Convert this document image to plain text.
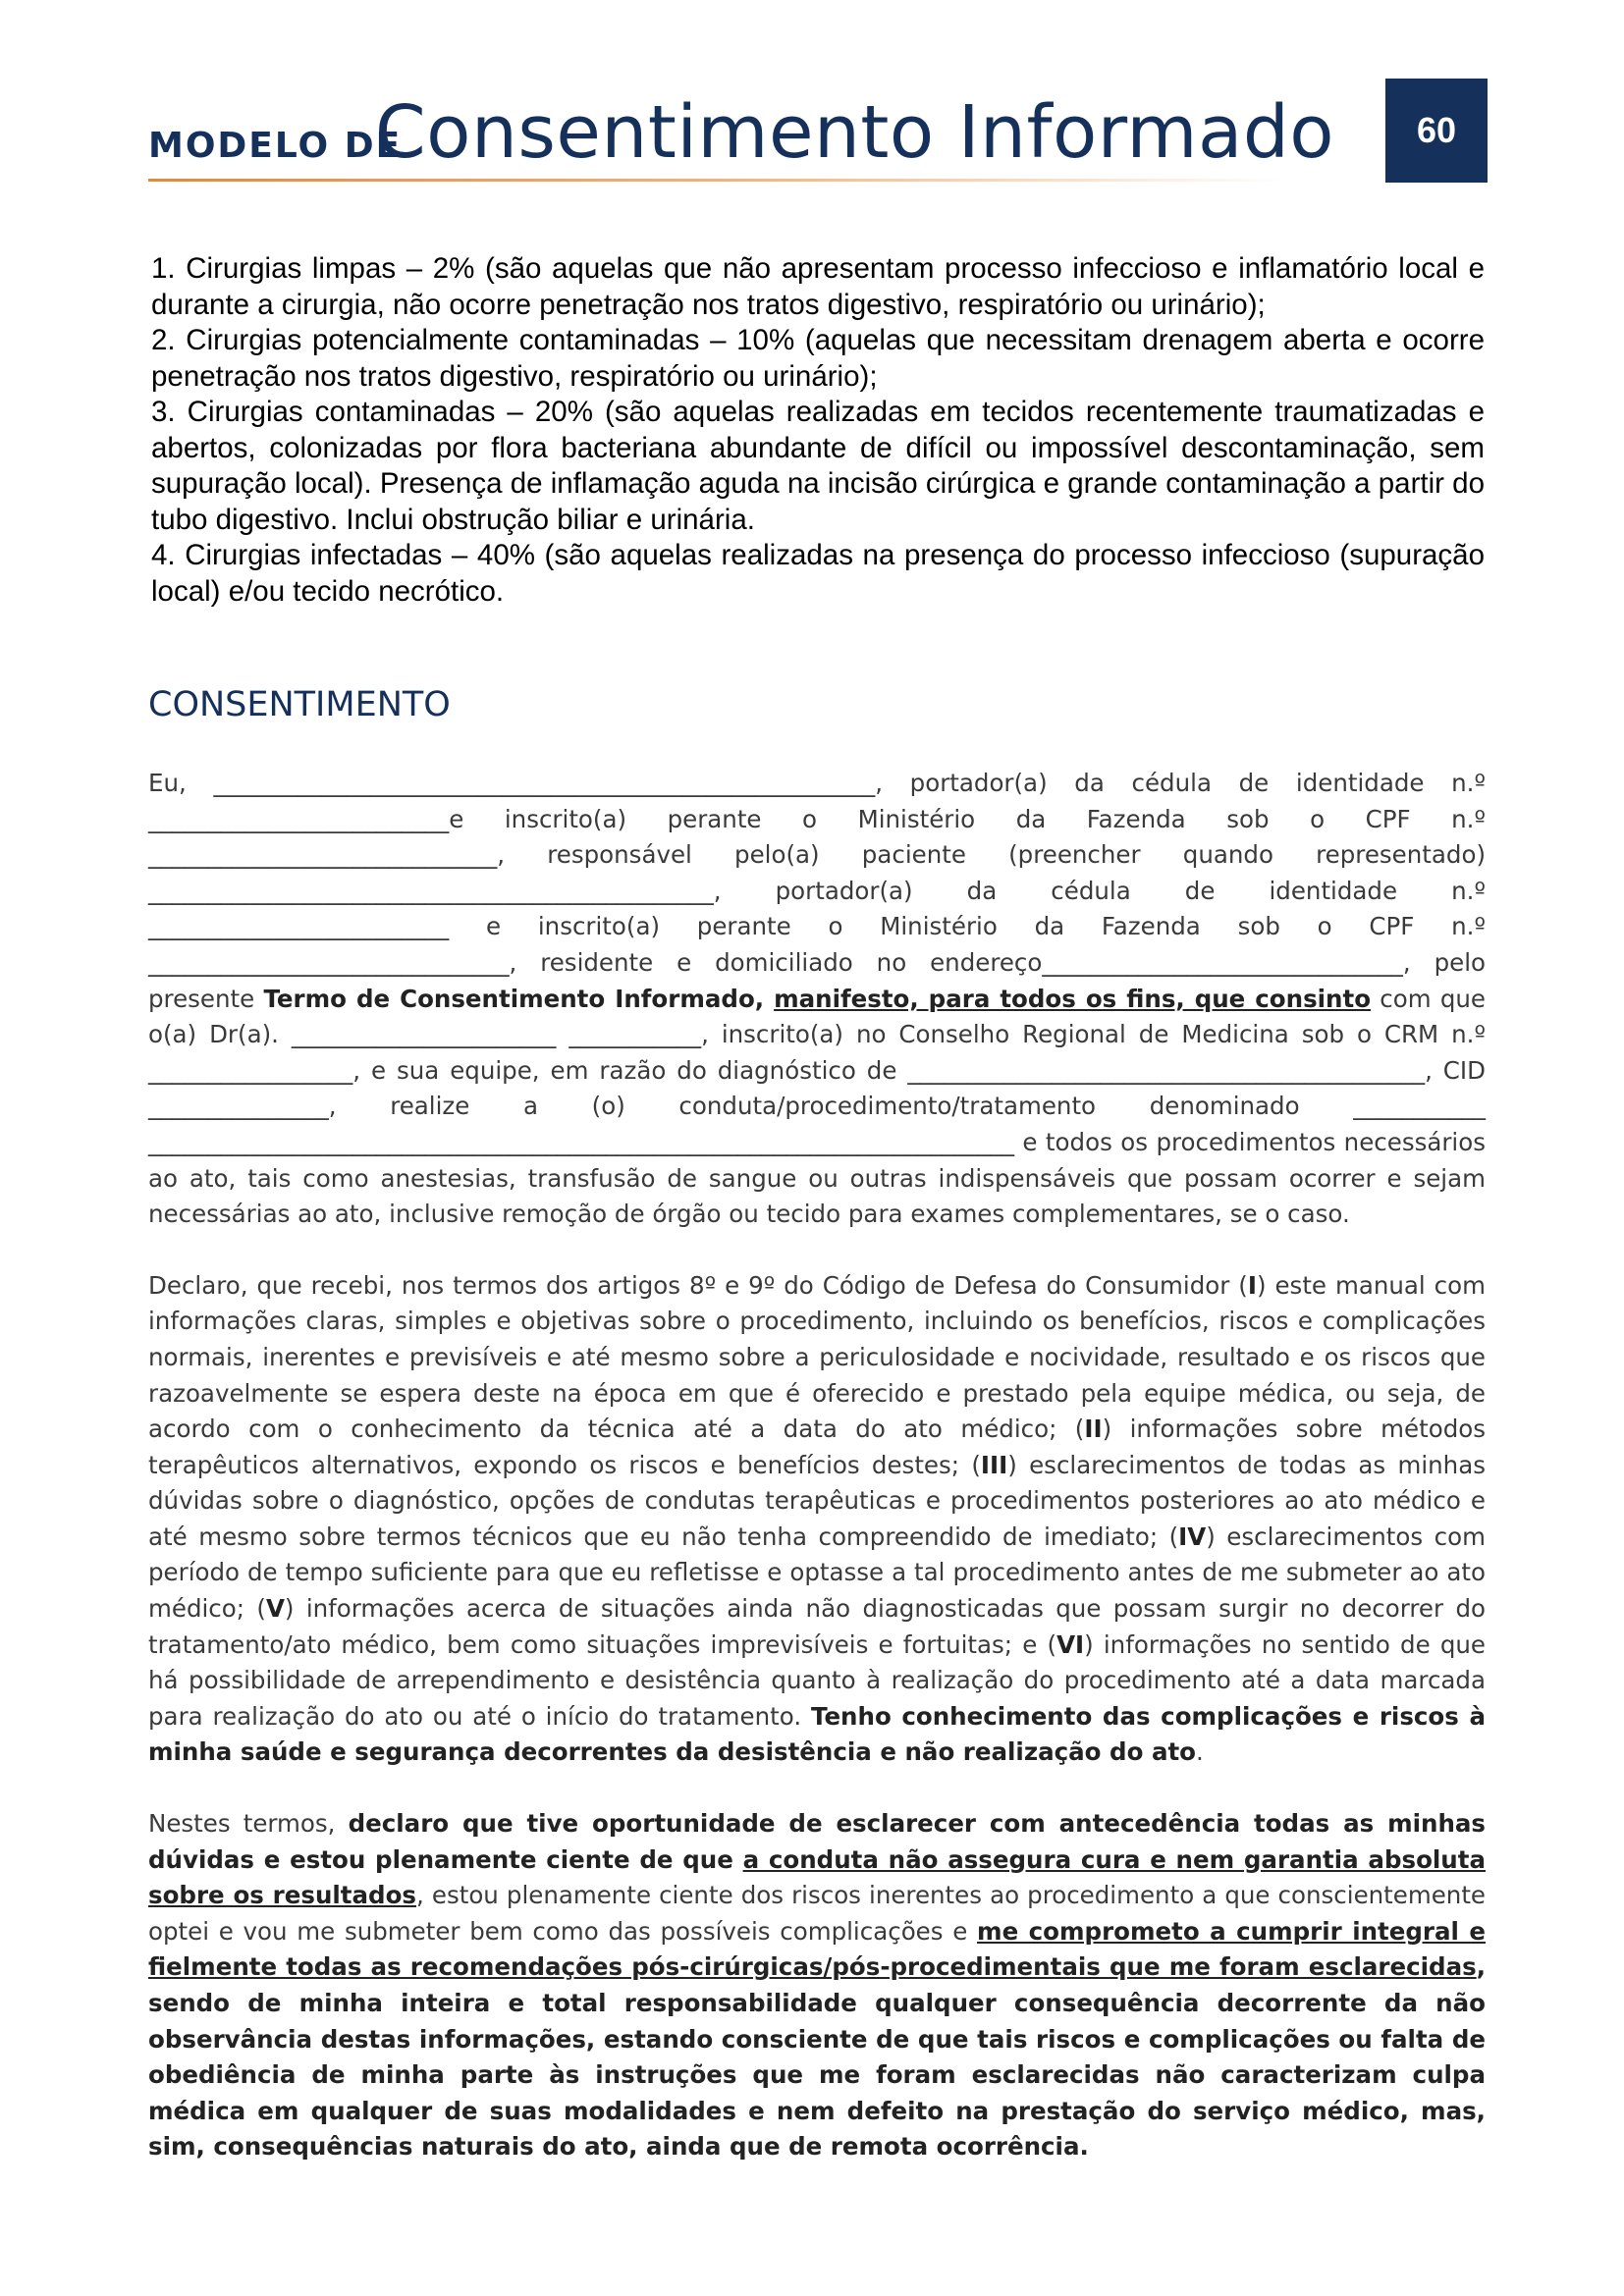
MODELO DE
Consentimento Informado	60

1. Cirurgias limpas – 2% (são aquelas que não apresentam processo infeccioso e inflamatório local e durante a cirurgia, não ocorre penetração nos tratos digestivo, respiratório ou urinário);

2. Cirurgias potencialmente contaminadas – 10% (aquelas que necessitam drenagem aberta e ocorre penetração nos tratos digestivo, respiratório ou urinário);

3. Cirurgias contaminadas – 20% (são aquelas realizadas em tecidos recentemente traumatizadas e abertos, colonizadas por flora bacteriana abundante de difícil ou impossível descontaminação, sem supuração local). Presença de inflamação aguda na incisão cirúrgica e grande contaminação a partir do tubo digestivo. Inclui obstrução biliar e urinária.

4. Cirurgias infectadas – 40% (são aquelas realizadas na presença do processo infeccioso (supuração local) e/ou tecido necrótico.

CONSENTIMENTO

Eu, _______________________________________________________, portador(a) da cédula de identidade n.º _________________________e inscrito(a) perante o Ministério da Fazenda sob o CPF n.º _____________________________, responsável pelo(a) paciente (preencher quando representado) _______________________________________________, portador(a) da cédula de identidade n.º _________________________ e inscrito(a) perante o Ministério da Fazenda sob o CPF n.º ______________________________, residente e domiciliado no endereço______________________________, pelo presente Termo de Consentimento Informado, manifesto, para todos os fins, que consinto com que o(a) Dr(a). ______________________ ___________, inscrito(a) no Conselho Regional de Medicina sob o CRM n.º _________________, e sua equipe, em razão do diagnóstico de ___________________________________________, CID _______________, realize a (o) conduta/procedimento/tratamento denominado ___________ ________________________________________________________________________ e todos os procedimentos necessários ao ato, tais como anestesias, transfusão de sangue ou outras indispensáveis que possam ocorrer e sejam necessárias ao ato, inclusive remoção de órgão ou tecido para exames complementares, se o caso.

Declaro, que recebi, nos termos dos artigos 8º e 9º do Código de Defesa do Consumidor (I) este manual com informações claras, simples e objetivas sobre o procedimento, incluindo os benefícios, riscos e complicações normais, inerentes e previsíveis e até mesmo sobre a periculosidade e nocividade, resultado e os riscos que razoavelmente se espera deste na época em que é oferecido e prestado pela equipe médica, ou seja, de acordo com o conhecimento da técnica até a data do ato médico; (II) informações sobre métodos terapêuticos alternativos, expondo os riscos e benefícios destes; (III) esclarecimentos de todas as minhas dúvidas sobre o diagnóstico, opções de condutas terapêuticas e procedimentos posteriores ao ato médico e até mesmo sobre termos técnicos que eu não tenha compreendido de imediato; (IV) esclarecimentos com período de tempo suficiente para que eu refletisse e optasse a tal procedimento antes de me submeter ao ato médico; (V) informações acerca de situações ainda não diagnosticadas que possam surgir no decorrer do tratamento/ato médico, bem como situações imprevisíveis e fortuitas; e (VI) informações no sentido de que há possibilidade de arrependimento e desistência quanto à realização do procedimento até a data marcada para realização do ato ou até o início do tratamento. Tenho conhecimento das complicações e riscos à minha saúde e segurança decorrentes da desistência e não realização do ato.

Nestes termos, declaro que tive oportunidade de esclarecer com antecedência todas as minhas dúvidas e estou plenamente ciente de que a conduta não assegura cura e nem garantia absoluta sobre os resultados, estou plenamente ciente dos riscos inerentes ao procedimento a que conscientemente optei e vou me submeter bem como das possíveis complicações e me comprometo a cumprir integral e fielmente todas as recomendações pós-cirúrgicas/pós-procedimentais que me foram esclarecidas, sendo de minha inteira e total responsabilidade qualquer consequência decorrente da não observância destas informações, estando consciente de que tais riscos e complicações ou falta de obediência de minha parte às instruções que me foram esclarecidas não caracterizam culpa médica em qualquer de suas modalidades e nem defeito na prestação do serviço médico, mas, sim, consequências naturais do ato, ainda que de remota ocorrência.
